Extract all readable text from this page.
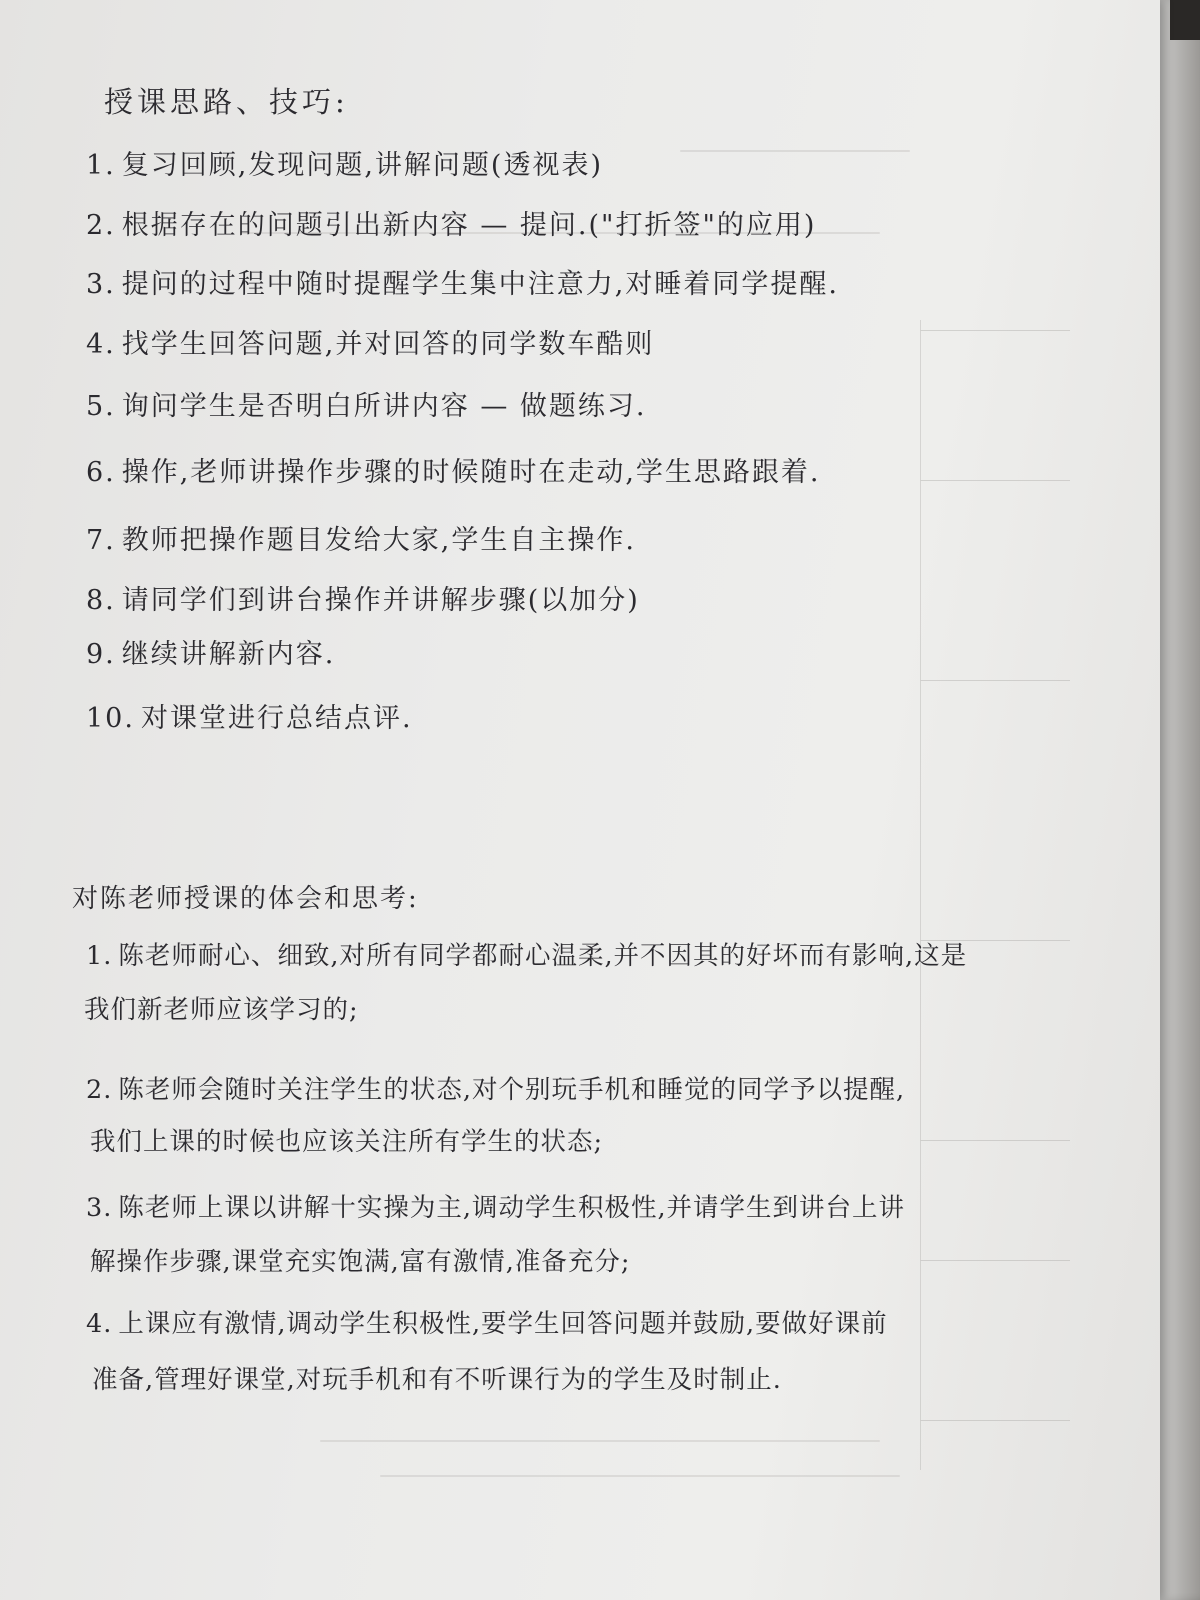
授课思路、技巧:
1. 复习回顾,发现问题,讲解问题(透视表)
2. 根据存在的问题引出新内容 — 提问.("打折签"的应用)
3. 提问的过程中随时提醒学生集中注意力,对睡着同学提醒.
4. 找学生回答问题,并对回答的同学数车酷则
5. 询问学生是否明白所讲内容 — 做题练习.
6. 操作,老师讲操作步骤的时候随时在走动,学生思路跟着.
7. 教师把操作题目发给大家,学生自主操作.
8. 请同学们到讲台操作并讲解步骤(以加分)
9. 继续讲解新内容.
10. 对课堂进行总结点评.
对陈老师授课的体会和思考:
1. 陈老师耐心、细致,对所有同学都耐心温柔,并不因其的好坏而有影响,这是
我们新老师应该学习的;
2. 陈老师会随时关注学生的状态,对个别玩手机和睡觉的同学予以提醒,
我们上课的时候也应该关注所有学生的状态;
3. 陈老师上课以讲解十实操为主,调动学生积极性,并请学生到讲台上讲
解操作步骤,课堂充实饱满,富有激情,准备充分;
4. 上课应有激情,调动学生积极性,要学生回答问题并鼓励,要做好课前
准备,管理好课堂,对玩手机和有不听课行为的学生及时制止.
